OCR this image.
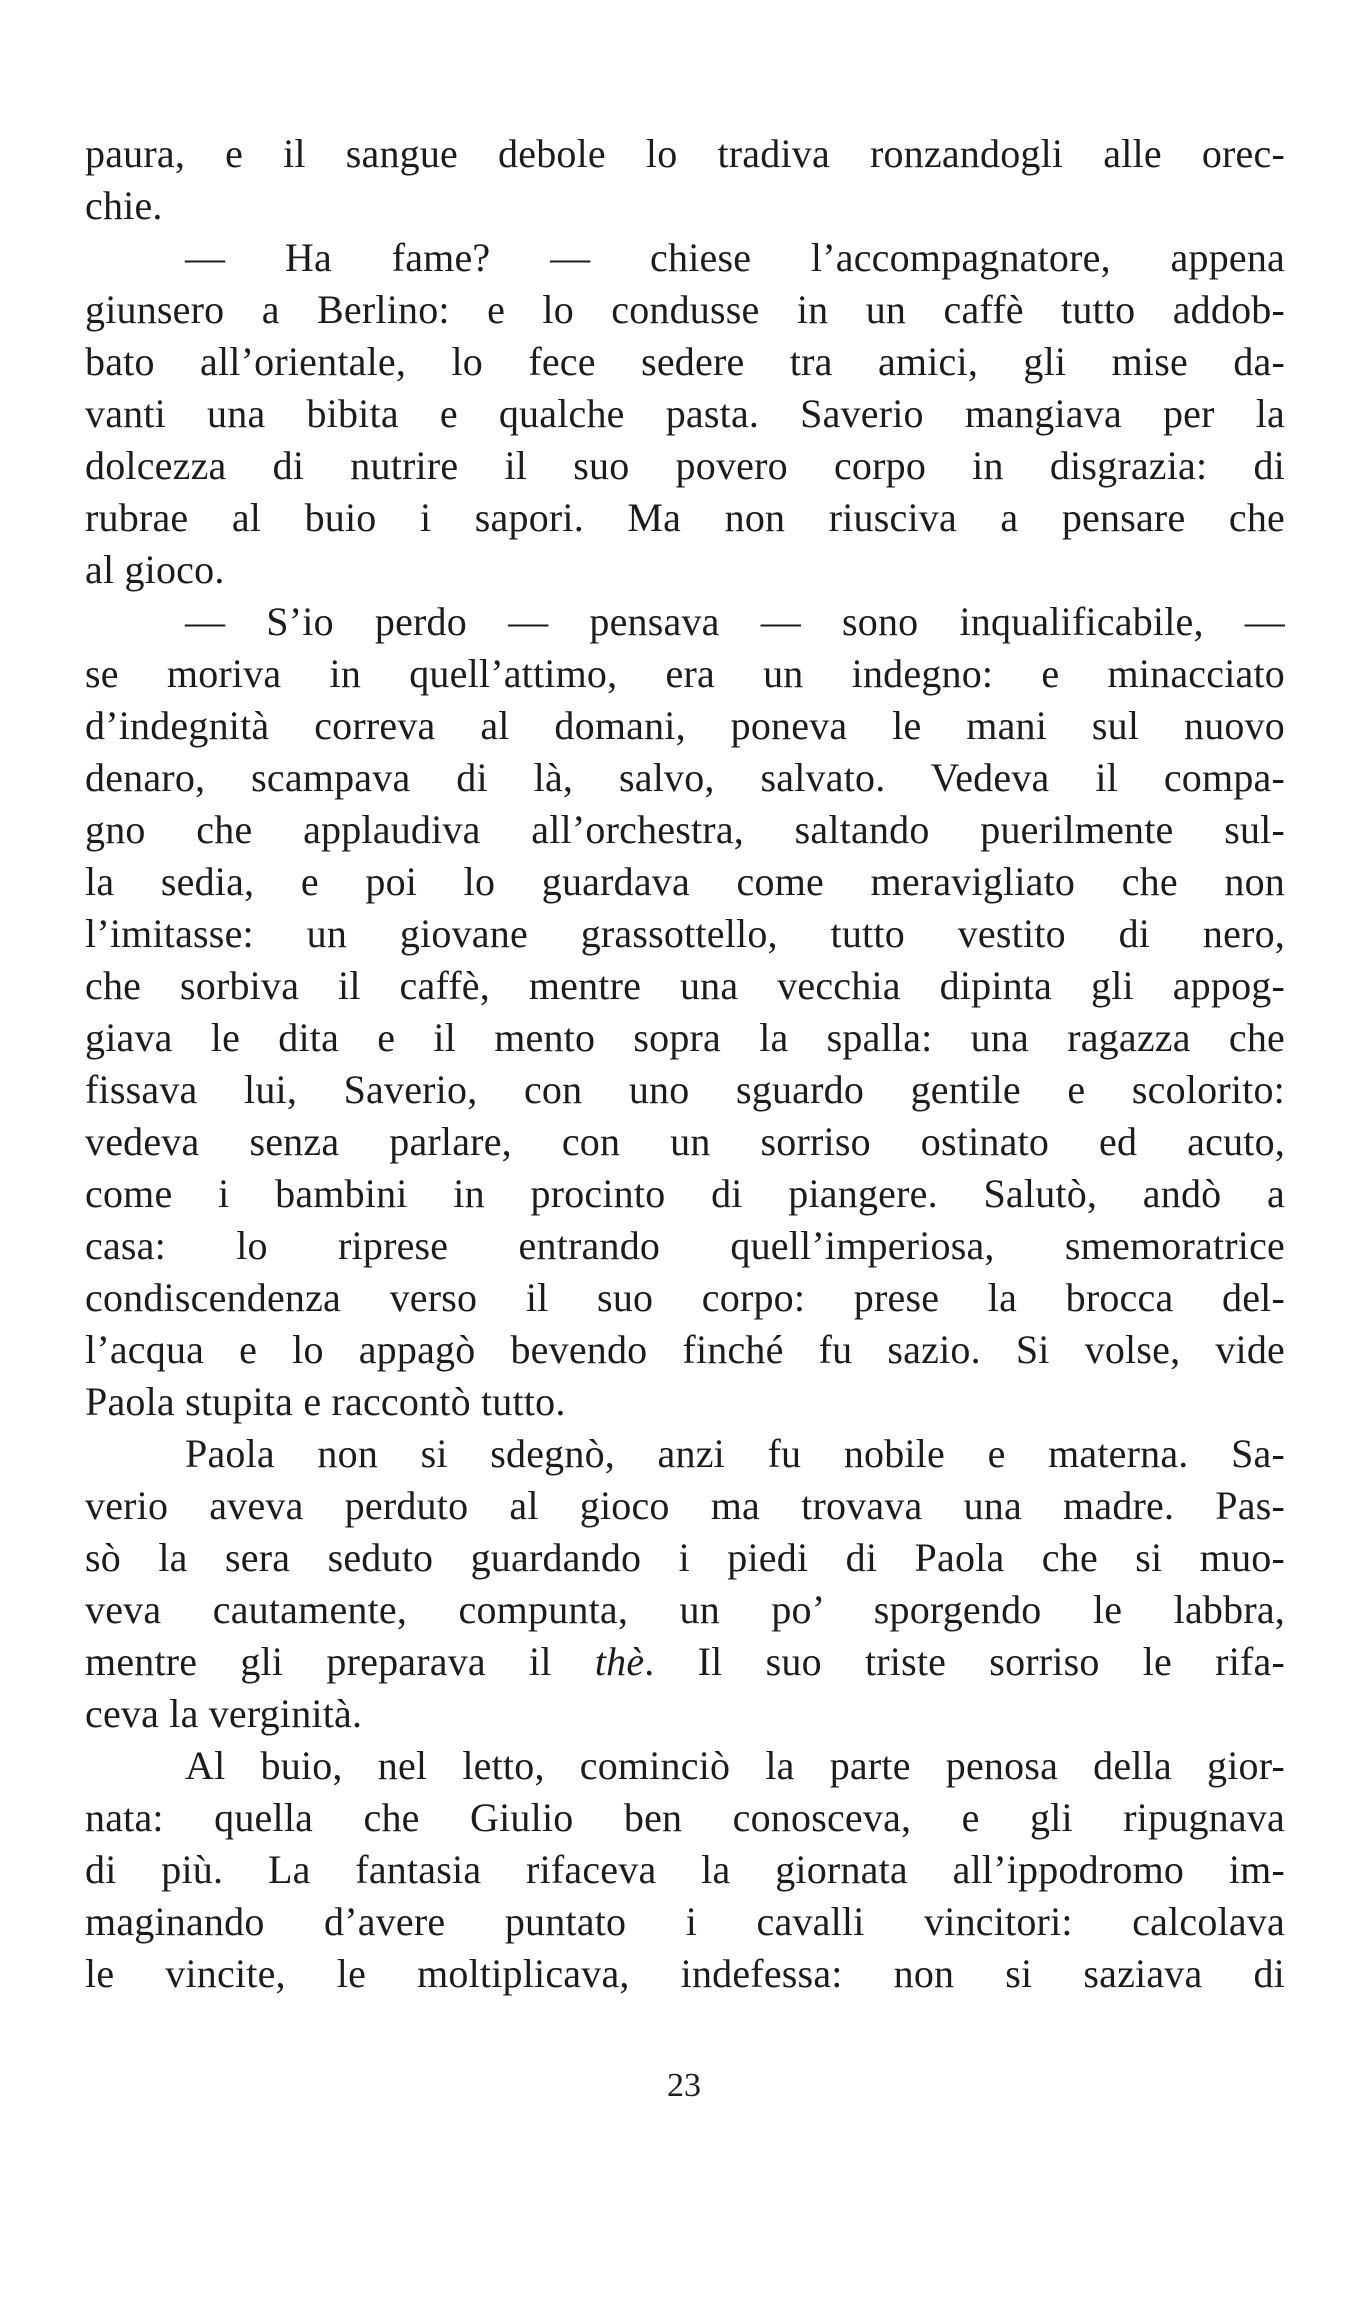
paura, e il sangue debole lo tradiva ronzandogli alle orec-
chie.
— Ha fame? — chiese l’accompagnatore, appena
giunsero a Berlino: e lo condusse in un caffè tutto addob-
bato all’orientale, lo fece sedere tra amici, gli mise da-
vanti una bibita e qualche pasta. Saverio mangiava per la
dolcezza di nutrire il suo povero corpo in disgrazia: di
rubrae al buio i sapori. Ma non riusciva a pensare che
al gioco.
— S’io perdo — pensava — sono inqualificabile, —
se moriva in quell’attimo, era un indegno: e minacciato
d’indegnità correva al domani, poneva le mani sul nuovo
denaro, scampava di là, salvo, salvato. Vedeva il compa-
gno che applaudiva all’orchestra, saltando puerilmente sul-
la sedia, e poi lo guardava come meravigliato che non
l’imitasse: un giovane grassottello, tutto vestito di nero,
che sorbiva il caffè, mentre una vecchia dipinta gli appog-
giava le dita e il mento sopra la spalla: una ragazza che
fissava lui, Saverio, con uno sguardo gentile e scolorito:
vedeva senza parlare, con un sorriso ostinato ed acuto,
come i bambini in procinto di piangere. Salutò, andò a
casa: lo riprese entrando quell’imperiosa, smemoratrice
condiscendenza verso il suo corpo: prese la brocca del-
l’acqua e lo appagò bevendo finché fu sazio. Si volse, vide
Paola stupita e raccontò tutto.
Paola non si sdegnò, anzi fu nobile e materna. Sa-
verio aveva perduto al gioco ma trovava una madre. Pas-
sò la sera seduto guardando i piedi di Paola che si muo-
veva cautamente, compunta, un po’ sporgendo le labbra,
mentre gli preparava il thè. Il suo triste sorriso le rifa-
ceva la verginità.
Al buio, nel letto, cominciò la parte penosa della gior-
nata: quella che Giulio ben conosceva, e gli ripugnava
di più. La fantasia rifaceva la giornata all’ippodromo im-
maginando d’avere puntato i cavalli vincitori: calcolava
le vincite, le moltiplicava, indefessa: non si saziava di
23
